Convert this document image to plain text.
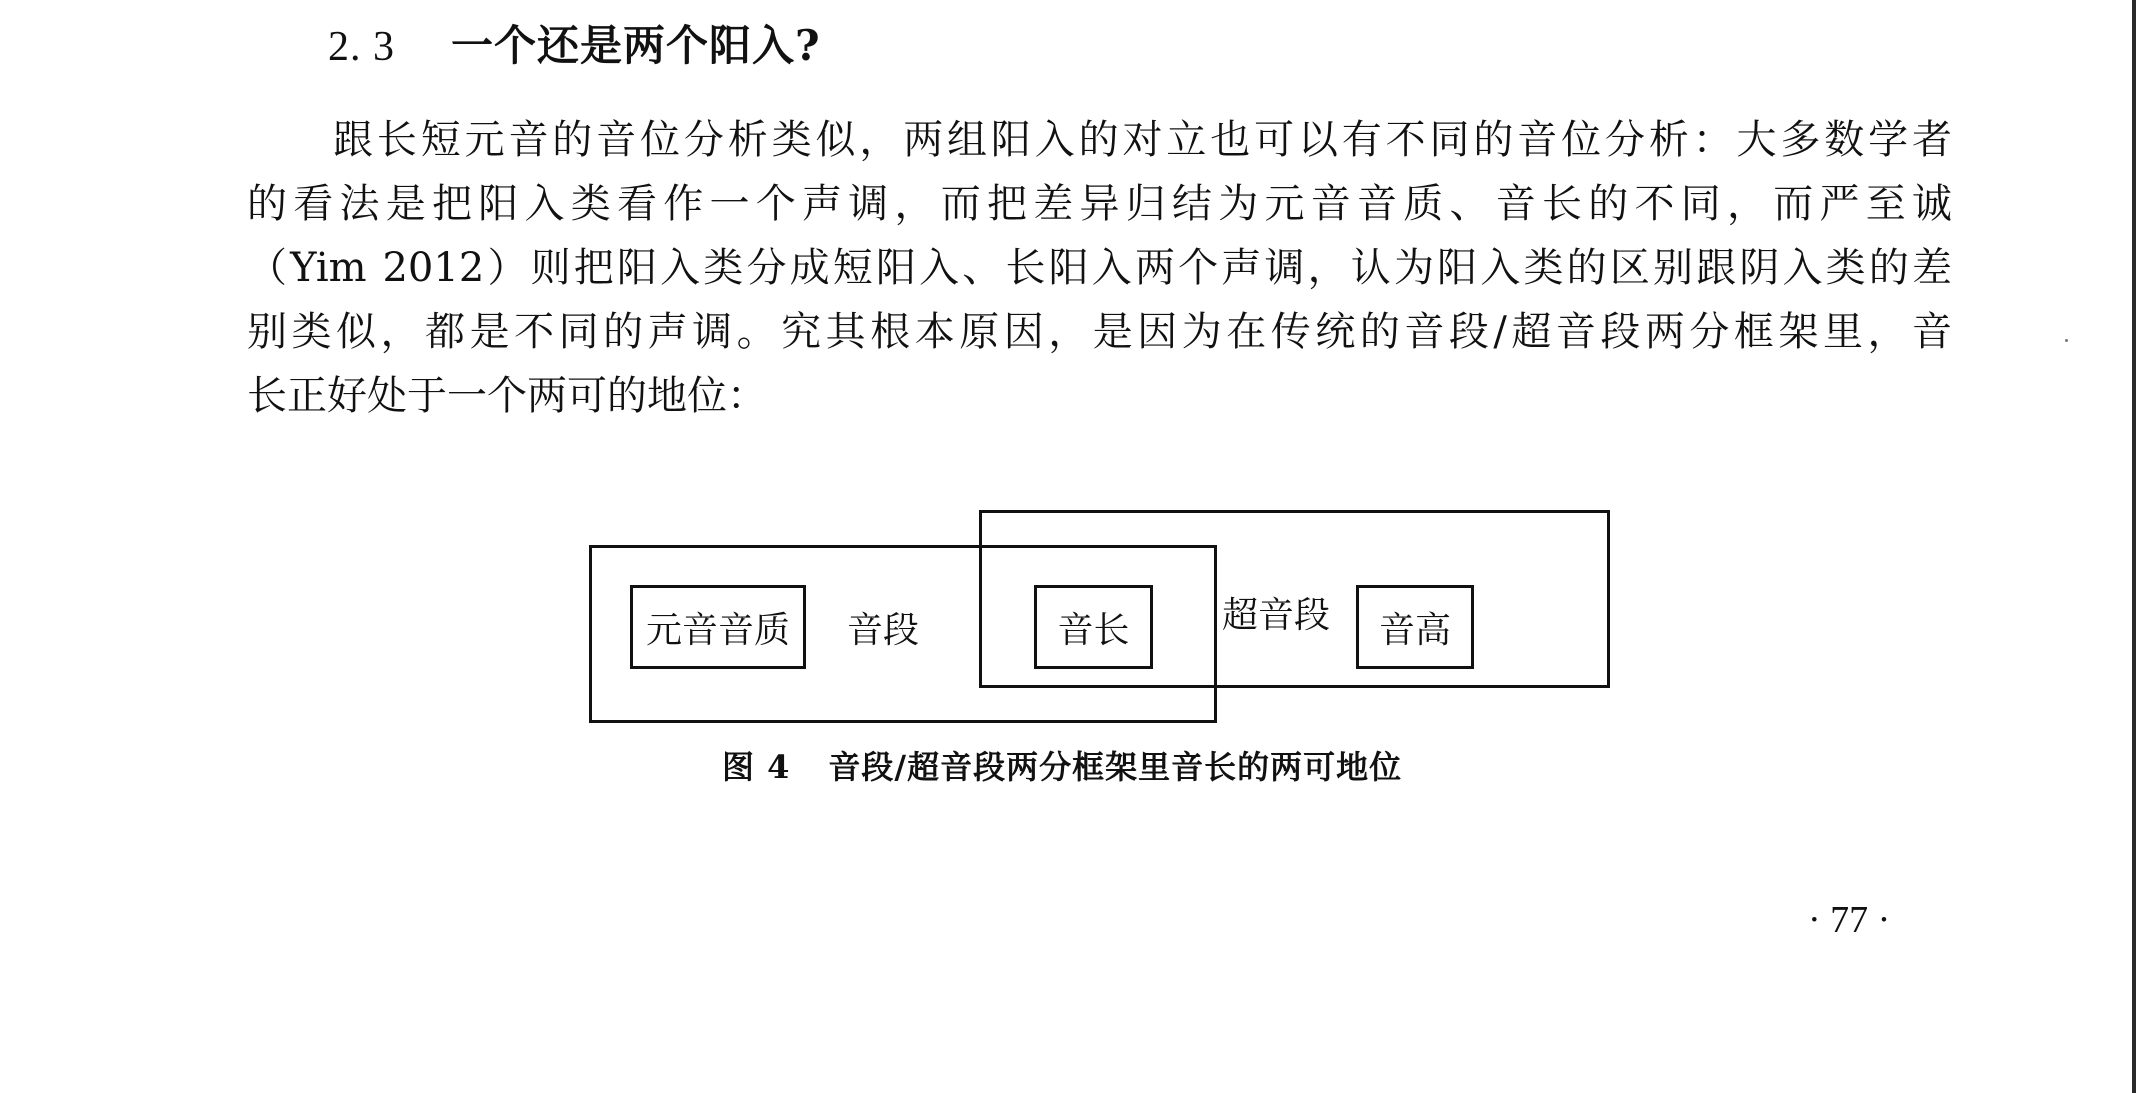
2. 3 一个还是两个阳入?
跟长短元音的音位分析类似，两组阳入的对立也可以有不同的音位分析：大多数学者
的看法是把阳入类看作一个声调，而把差异归结为元音音质、音长的不同，而严至诚
（Yim 2012）则把阳入类分成短阳入、长阳入两个声调，认为阳入类的区别跟阴入类的差
别类似，都是不同的声调。究其根本原因，是因为在传统的音段/超音段两分框架里，音
长正好处于一个两可的地位：
元音音质 音段	音长	超音段 音高
图 4 音段/超音段两分框架里音长的两可地位
· 77 ·
